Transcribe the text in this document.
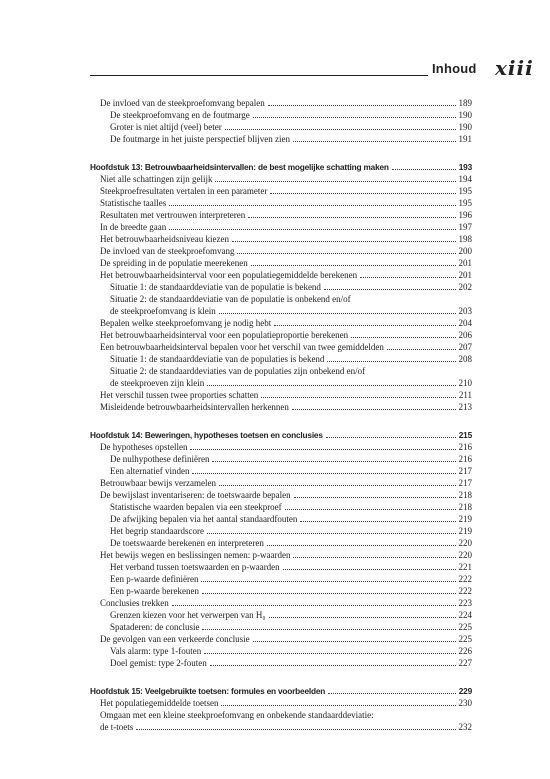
Inhoud xiii
De invloed van de steekproefomvang bepalen	189
De steekproefomvang en de foutmarge	190
Groter is niet altijd (veel) beter	190
De foutmarge in het juiste perspectief blijven zien	191
Hoofdstuk 13: Betrouwbaarheidsintervallen: de best mogelijke schatting maken	193
Niet alle schattingen zijn gelijk	194
Steekproefresultaten vertalen in een parameter	195
Statistische taalles	195
Resultaten met vertrouwen interpreteren	196
In de breedte gaan	197
Het betrouwbaarheidsniveau kiezen	198
De invloed van de steekproefomvang	200
De spreiding in de populatie meerekenen	201
Het betrouwbaarheidsinterval voor een populatiegemiddelde berekenen	201
Situatie 1: de standaarddeviatie van de populatie is bekend	202
Situatie 2: de standaarddeviatie van de populatie is onbekend en/of
de steekproefomvang is klein	203
Bepalen welke steekproefomvang je nodig hebt	204
Het betrouwbaarheidsinterval voor een populatieproportie berekenen	206
Een betrouwbaarheidsinterval bepalen voor het verschil van twee gemiddelden	207
Situatie 1: de standaarddeviatie van de populaties is bekend	208
Situatie 2: de standaarddeviaties van de populaties zijn onbekend en/of
de steekproeven zijn klein	210
Het verschil tussen twee proporties schatten	211
Misleidende betrouwbaarheidsintervallen herkennen	213
Hoofdstuk 14: Beweringen, hypotheses toetsen en conclusies	215
De hypotheses opstellen	216
De nulhypothese definiëren	216
Een alternatief vinden	217
Betrouwbaar bewijs verzamelen	217
De bewijslast inventariseren: de toetswaarde bepalen	218
Statistische waarden bepalen via een steekproef	218
De afwijking bepalen via het aantal standaardfouten	219
Het begrip standaardscore	219
De toetswaarde berekenen en interpreteren	220
Het bewijs wegen en beslissingen nemen: p-waarden	220
Het verband tussen toetswaarden en p-waarden	221
Een p-waarde definiëren	222
Een p-waarde berekenen	222
Conclusies trekken	223
Grenzen kiezen voor het verwerpen van H₀	224
Spataderen: de conclusie	225
De gevolgen van een verkeerde conclusie	225
Vals alarm: type 1-fouten	226
Doel gemist: type 2-fouten	227
Hoofdstuk 15: Veelgebruikte toetsen: formules en voorbeelden	229
Het populatiegemiddelde toetsen	230
Omgaan met een kleine steekproefomvang en onbekende standaarddeviatie:
de t-toets	232
